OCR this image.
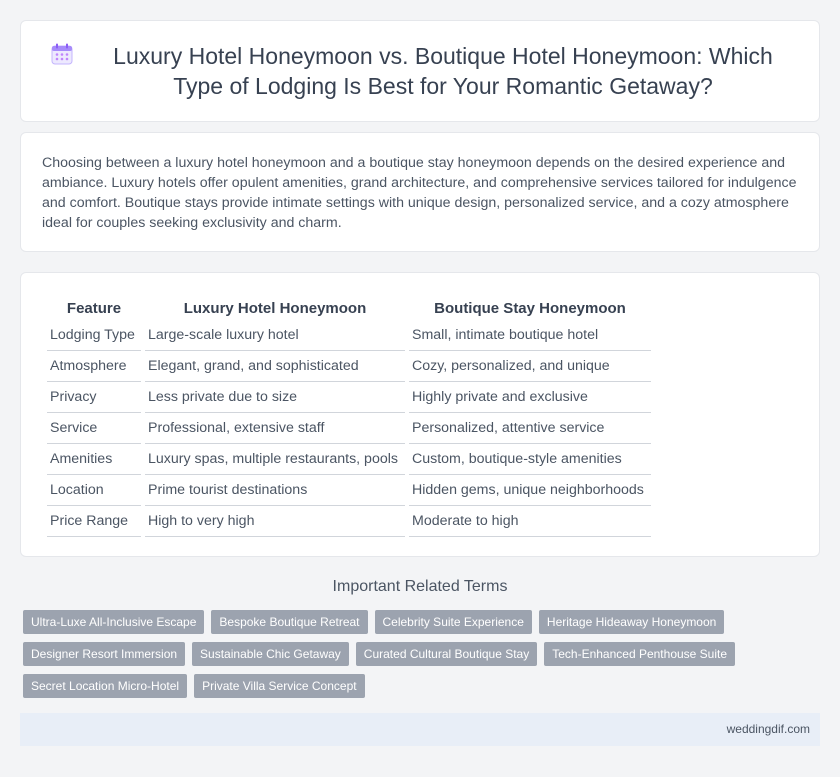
Luxury Hotel Honeymoon vs. Boutique Hotel Honeymoon: Which Type of Lodging Is Best for Your Romantic Getaway?

Choosing between a luxury hotel honeymoon and a boutique stay honeymoon depends on the desired experience and ambiance. Luxury hotels offer opulent amenities, grand architecture, and comprehensive services tailored for indulgence and comfort. Boutique stays provide intimate settings with unique design, personalized service, and a cozy atmosphere ideal for couples seeking exclusivity and charm.

Feature	Luxury Hotel Honeymoon	Boutique Stay Honeymoon
Lodging Type	Large-scale luxury hotel	Small, intimate boutique hotel
Atmosphere	Elegant, grand, and sophisticated	Cozy, personalized, and unique
Privacy	Less private due to size	Highly private and exclusive
Service	Professional, extensive staff	Personalized, attentive service
Amenities	Luxury spas, multiple restaurants, pools	Custom, boutique-style amenities
Location	Prime tourist destinations	Hidden gems, unique neighborhoods
Price Range	High to very high	Moderate to high
Important Related Terms
Ultra-Luxe All-Inclusive Escape	Bespoke Boutique Retreat	Celebrity Suite Experience	Heritage Hideaway Honeymoon
Designer Resort Immersion	Sustainable Chic Getaway	Curated Cultural Boutique Stay	Tech-Enhanced Penthouse Suite
Secret Location Micro-Hotel	Private Villa Service Concept
weddingdif.com
